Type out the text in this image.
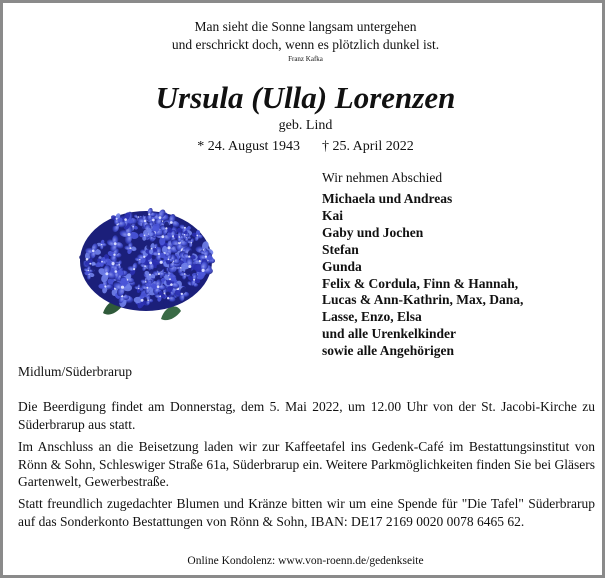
Man sieht die Sonne langsam untergehen
und erschrickt doch, wenn es plötzlich dunkel ist.
Franz Kafka
Ursula (Ulla) Lorenzen
geb. Lind
* 24. August 1943 † 25. April 2022
Wir nehmen Abschied
Michaela und Andreas
Kai
Gaby und Jochen
Stefan
Gunda
Felix & Cordula, Finn & Hannah,
Lucas & Ann-Kathrin, Max, Dana,
Lasse, Enzo, Elsa
und alle Urenkelkinder
sowie alle Angehörigen
Midlum/Süderbrarup

Die Beerdigung findet am Donnerstag, dem 5. Mai 2022, um 12.00 Uhr von der St. Jacobi-Kirche zu Süderbrarup aus statt.

Im Anschluss an die Beisetzung laden wir zur Kaffeetafel ins Gedenk-Café im Bestattungsinstitut von Rönn & Sohn, Schleswiger Straße 61a, Süderbrarup ein. Weitere Parkmöglichkeiten finden Sie bei Gläsers Gartenwelt, Gewerbestraße.

Statt freundlich zugedachter Blumen und Kränze bitten wir um eine Spende für "Die Tafel" Süderbrarup auf das Sonderkonto Bestattungen von Rönn & Sohn, IBAN: DE17 2169 0020 0078 6465 62.

Online Kondolenz: www.von-roenn.de/gedenkseite
